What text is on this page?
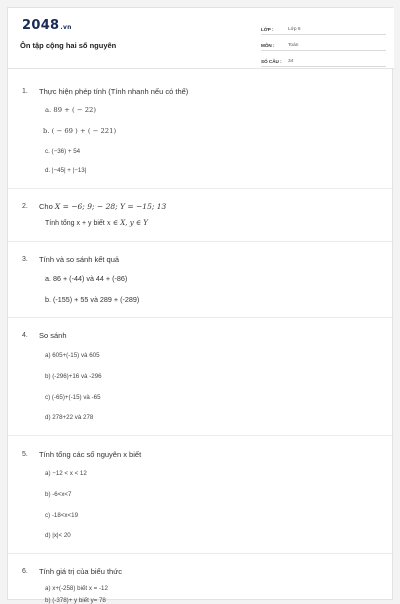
2048.vn
Ôn tập cộng hai số nguyên
LỚP :	Lớp 6
MÔN :	Toán
SỐ CÂU :	34
1. Thực hiện phép tính (Tính nhanh nếu có thể)
a. 89 + ( − 22)
b. ( − 69 ) + ( − 221)
c. (−36) + 54
d. |−45| + |−13|
2. Cho X = −6; 9; − 28; Y = −15; 13
Tính tổng x + y biết x ∈ X, y ∈ Y
3. Tính và so sánh kết quả
a. 86 + (-44) và 44 + (-86)
b. (-155) + 55 và 289 + (-289)
4. So sánh
a) 605+(-15) và 605
b) (-296)+16 và -296
c) (-65)+(-15) và -65
d) 278+22 và 278
5. Tính tổng các số nguyên x biết
a) −12 < x < 12
b) -6<x<7
c) -18<x<19
d) |x|< 20
6. Tính giá trị của biểu thức
a) x+(-258) biết x = -12
b) (-378)+ y biết y= 78
